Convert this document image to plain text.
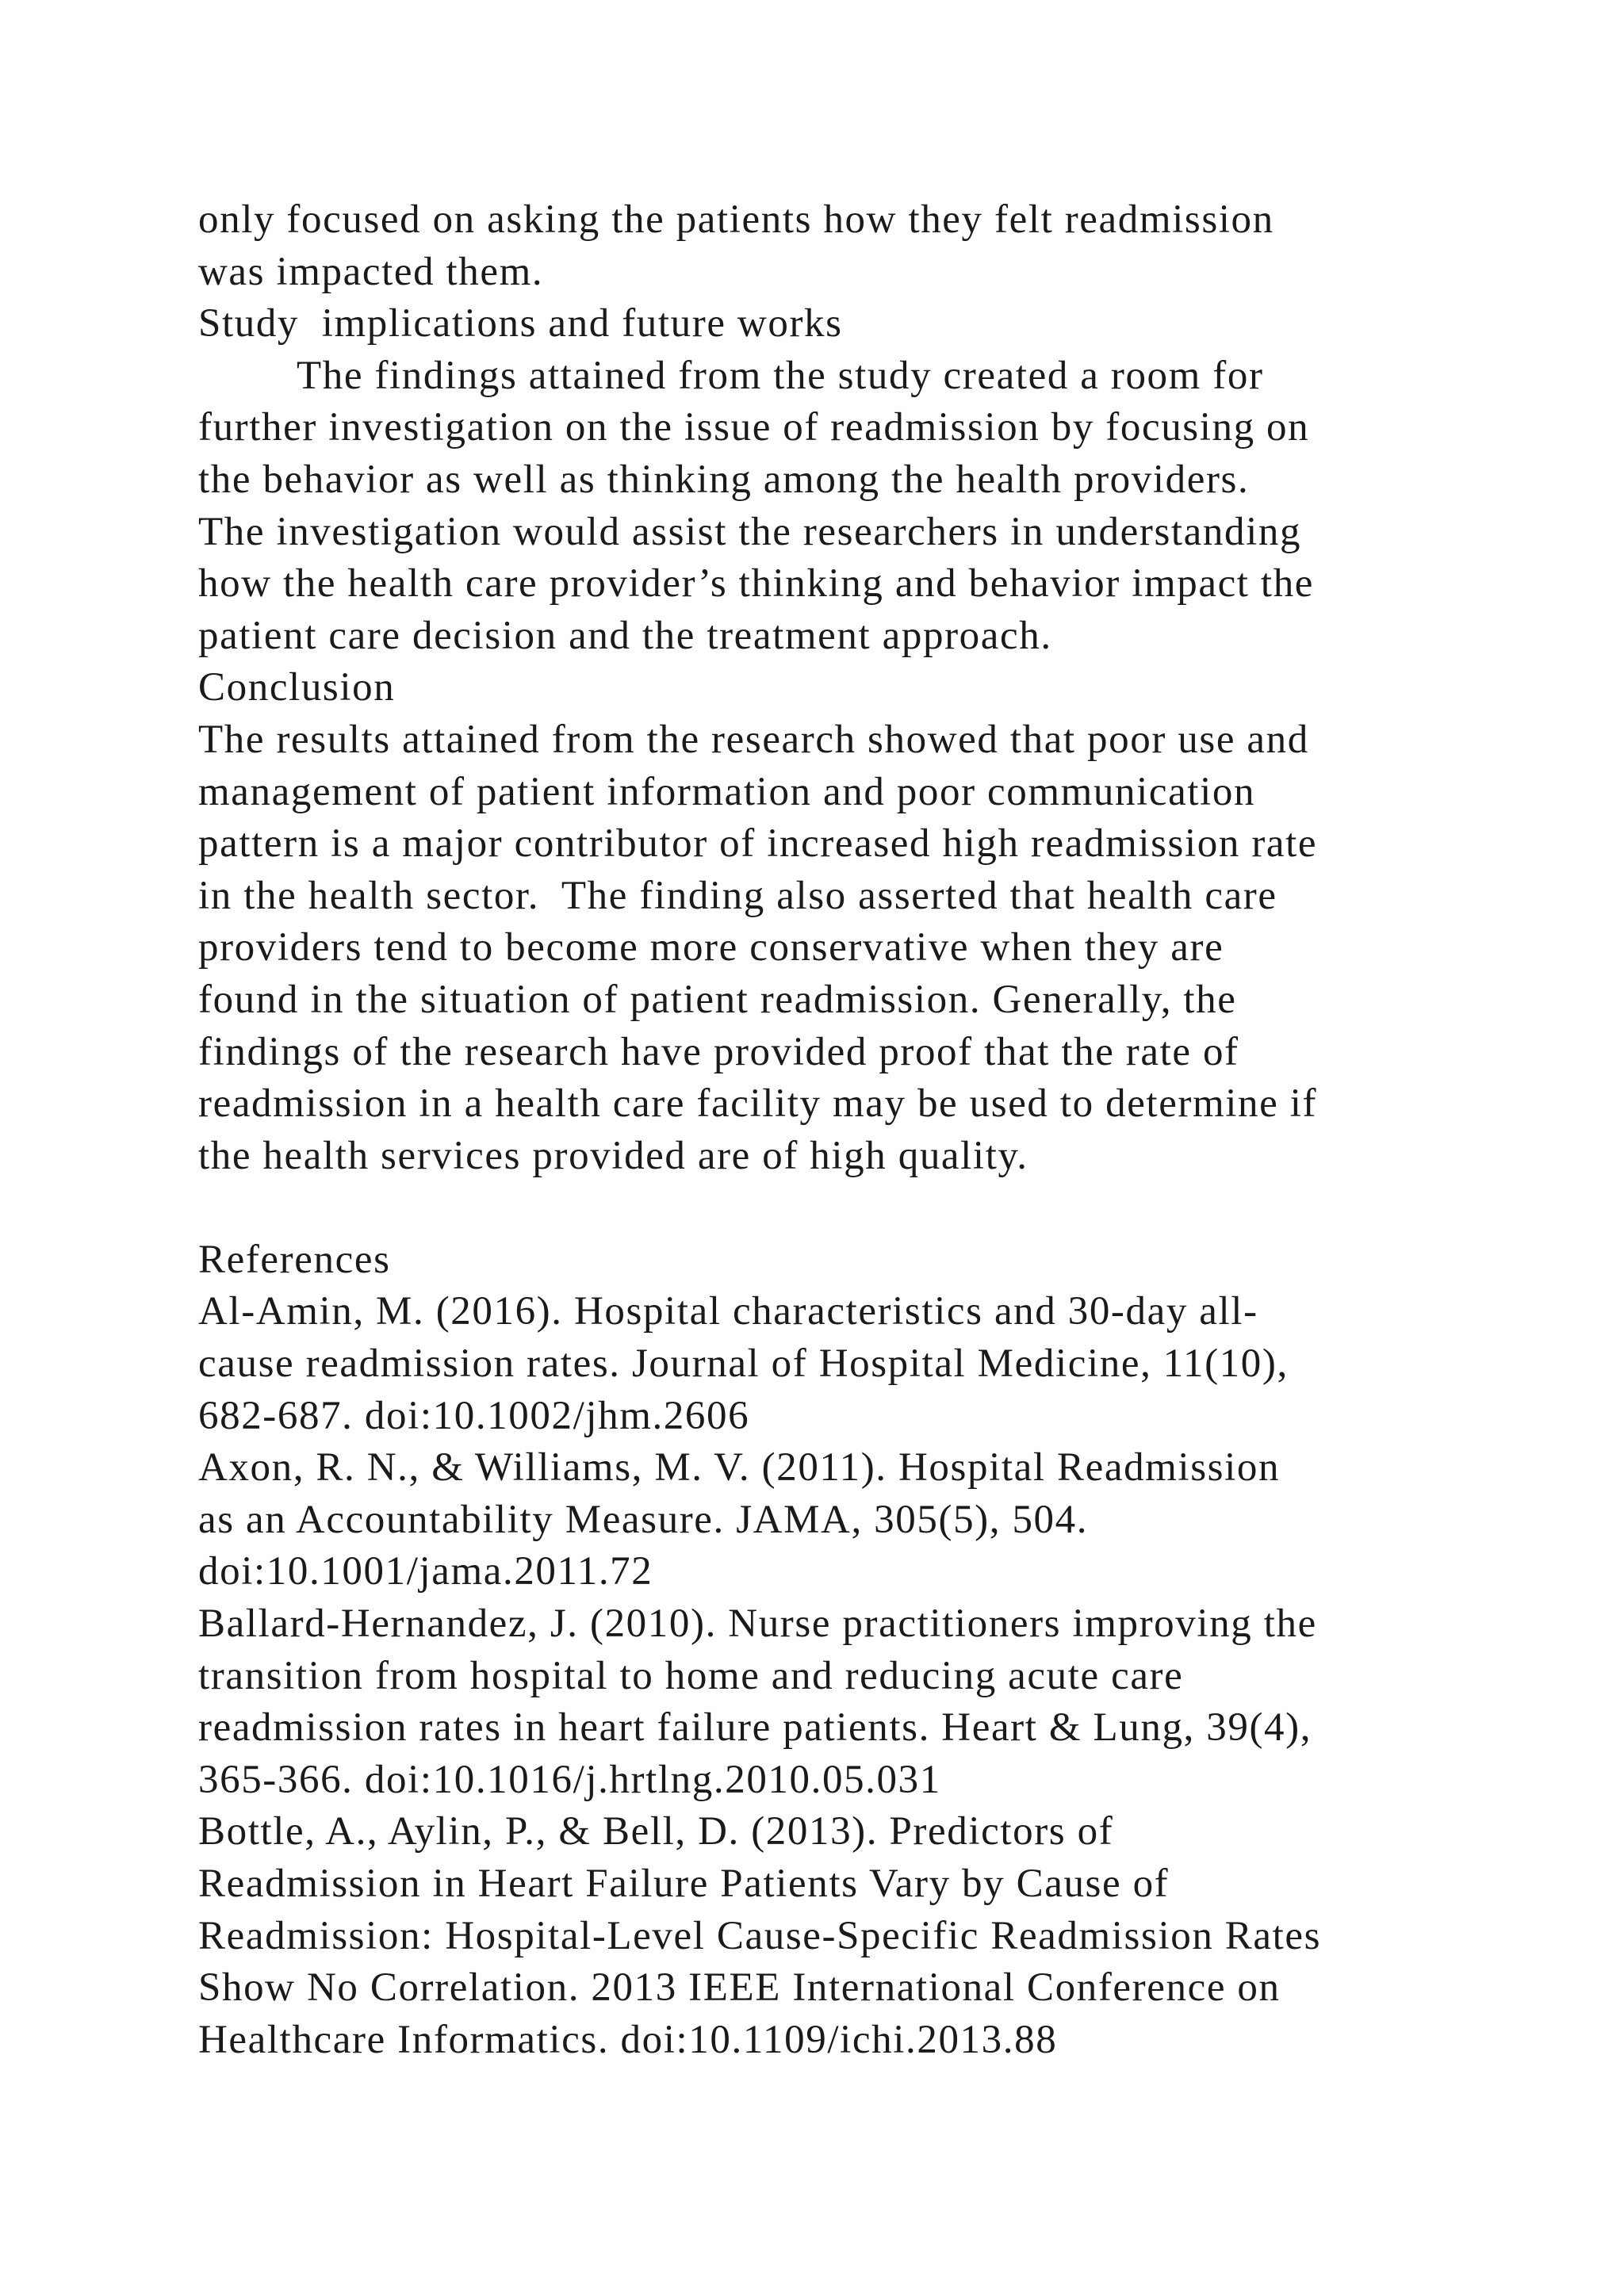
only focused on asking the patients how they felt readmission
was impacted them.
Study  implications and future works
The findings attained from the study created a room for
further investigation on the issue of readmission by focusing on
the behavior as well as thinking among the health providers.
The investigation would assist the researchers in understanding
how the health care provider’s thinking and behavior impact the
patient care decision and the treatment approach.
Conclusion
The results attained from the research showed that poor use and
management of patient information and poor communication
pattern is a major contributor of increased high readmission rate
in the health sector.  The finding also asserted that health care
providers tend to become more conservative when they are
found in the situation of patient readmission. Generally, the
findings of the research have provided proof that the rate of
readmission in a health care facility may be used to determine if
the health services provided are of high quality.
References
Al-Amin, M. (2016). Hospital characteristics and 30-day all-
cause readmission rates. Journal of Hospital Medicine, 11(10),
682-687. doi:10.1002/jhm.2606
Axon, R. N., & Williams, M. V. (2011). Hospital Readmission
as an Accountability Measure. JAMA, 305(5), 504.
doi:10.1001/jama.2011.72
Ballard-Hernandez, J. (2010). Nurse practitioners improving the
transition from hospital to home and reducing acute care
readmission rates in heart failure patients. Heart & Lung, 39(4),
365-366. doi:10.1016/j.hrtlng.2010.05.031
Bottle, A., Aylin, P., & Bell, D. (2013). Predictors of
Readmission in Heart Failure Patients Vary by Cause of
Readmission: Hospital-Level Cause-Specific Readmission Rates
Show No Correlation. 2013 IEEE International Conference on
Healthcare Informatics. doi:10.1109/ichi.2013.88
